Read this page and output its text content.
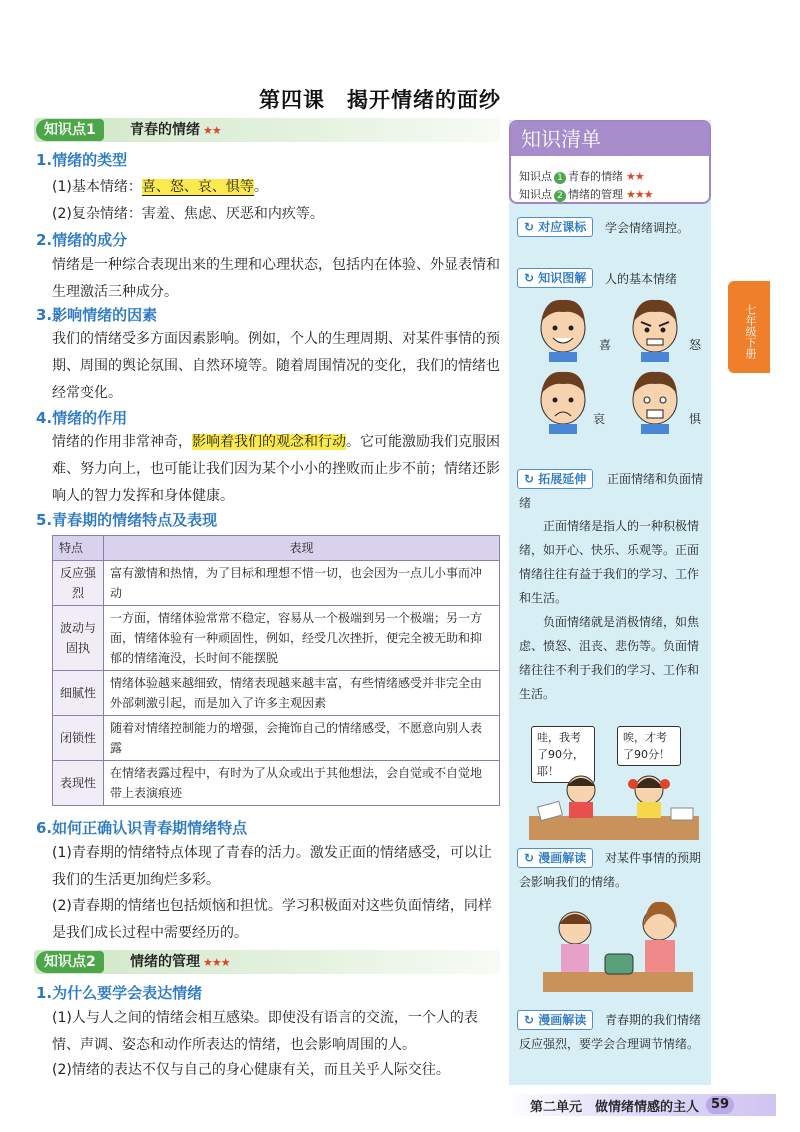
第四课　揭开情绪的面纱
知识点1	青春的情绪 ★★
1.情绪的类型
(1)基本情绪：喜、怒、哀、惧等。
(2)复杂情绪：害羞、焦虑、厌恶和内疚等。
2.情绪的成分
情绪是一种综合表现出来的生理和心理状态，包括内在体验、外显表情和生理激活三种成分。
3.影响情绪的因素
我们的情绪受多方面因素影响。例如，个人的生理周期、对某件事情的预期、周围的舆论氛围、自然环境等。随着周围情况的变化，我们的情绪也经常变化。
4.情绪的作用
情绪的作用非常神奇，影响着我们的观念和行动。它可能激励我们克服困难、努力向上，也可能让我们因为某个小小的挫败而止步不前；情绪还影响人的智力发挥和身体健康。
5.青春期的情绪特点及表现
特点	表现
反应强烈	富有激情和热情，为了目标和理想不惜一切，也会因为一点儿小事而冲动
波动与固执	一方面，情绪体验常常不稳定，容易从一个极端到另一个极端；另一方面，情绪体验有一种顽固性，例如，经受几次挫折，便完全被无助和抑郁的情绪淹没，长时间不能摆脱
细腻性	情绪体验越来越细致，情绪表现越来越丰富，有些情绪感受并非完全由外部刺激引起，而是加入了许多主观因素
闭锁性	随着对情绪控制能力的增强，会掩饰自己的情绪感受，不愿意向别人表露
表现性	在情绪表露过程中，有时为了从众或出于其他想法，会自觉或不自觉地带上表演痕迹
6.如何正确认识青春期情绪特点
(1)青春期的情绪特点体现了青春的活力。激发正面的情绪感受，可以让我们的生活更加绚烂多彩。
(2)青春期的情绪也包括烦恼和担忧。学习积极面对这些负面情绪，同样是我们成长过程中需要经历的。
知识点2	情绪的管理 ★★★
1.为什么要学会表达情绪
(1)人与人之间的情绪会相互感染。即使没有语言的交流，一个人的表情、声调、姿态和动作所表达的情绪，也会影响周围的人。
(2)情绪的表达不仅与自己的身心健康有关，而且关乎人际交往。
知识清单
知识点 1 青春的情绪 ★★
知识点 2 情绪的管理 ★★★
↻ 对应课标	学会情绪调控。
↻ 知识图解	人的基本情绪
喜	怒
哀	惧
↻ 拓展延伸	正面情绪和负面情绪
正面情绪是指人的一种积极情绪，如开心、快乐、乐观等。正面情绪往往有益于我们的学习、工作和生活。
负面情绪就是消极情绪，如焦虑、愤怒、沮丧、悲伤等。负面情绪往往不利于我们的学习、工作和生活。
哇，我考了90分，耶！
唉，才考了90分！
↻ 漫画解读	对某件事情的预期会影响我们的情绪。
↻ 漫画解读	青春期的我们情绪反应强烈，要学会合理调节情绪。
七年级下册
第二单元　做情绪情感的主人 59
